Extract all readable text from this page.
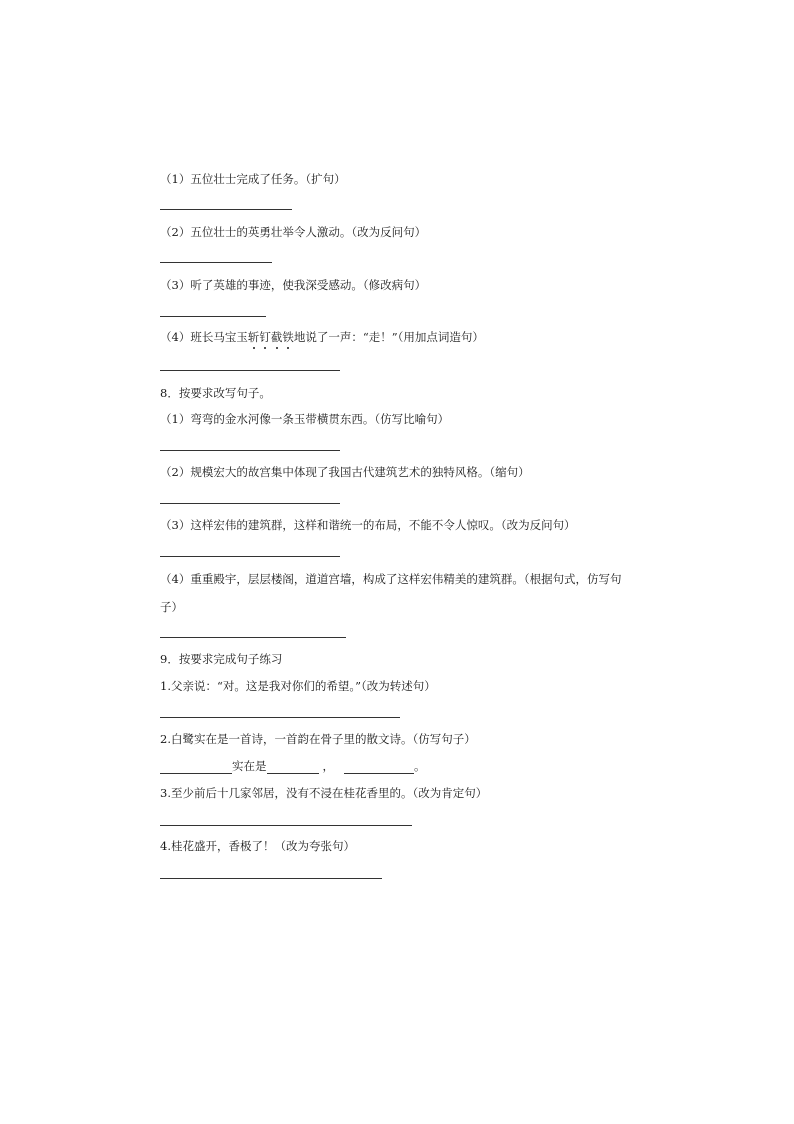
（1）五位壮士完成了任务。（扩句）
（2）五位壮士的英勇壮举令人激动。（改为反问句）
（3）听了英雄的事迹，使我深受感动。（修改病句）
（4）班长马宝玉斩钉截铁地说了一声：“走！”（用加点词造句）
8．按要求改写句子。
（1）弯弯的金水河像一条玉带横贯东西。（仿写比喻句）
（2）规模宏大的故宫集中体现了我国古代建筑艺术的独特风格。（缩句）
（3）这样宏伟的建筑群，这样和谐统一的布局，不能不令人惊叹。（改为反问句）
（4）重重殿宇，层层楼阁，道道宫墙，构成了这样宏伟精美的建筑群。（根据句式，仿写句
子）
9．按要求完成句子练习
1.父亲说：“对。这是我对你们的希望。”（改为转述句）
2.白鹭实在是一首诗，一首韵在骨子里的散文诗。（仿写句子）
实在是	，	。
3.至少前后十几家邻居，没有不浸在桂花香里的。（改为肯定句）
4.桂花盛开，香极了！（改为夸张句）
